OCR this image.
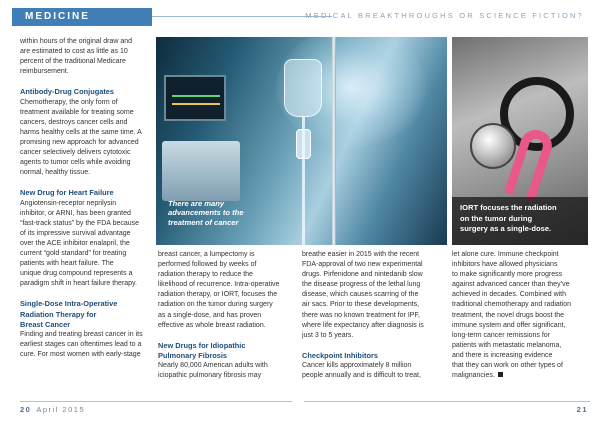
MEDICINE	MEDICAL BREAKTHROUGHS OR SCIENCE FICTION?

within hours of the original draw and

are estimated to cost as little as 10

percent of the traditional Medicare

reimbursement.

Antibody-Drug Conjugates

Chemotherapy, the only form of

treatment available for treating some

cancers, destroys cancer cells and

harms healthy cells at the same time. A

promising new approach for advanced

cancer selectively delivers cytotoxic

agents to tumor cells while avoiding

normal, healthy tissue.

New Drug for Heart Failure

Angiotensin-receptor neprilysin

inhibitor, or ARNI, has been granted

“fast-track status” by the FDA because

of its impressive survival advantage

over the ACE inhibitor enalapril, the

current “gold standard” for treating

patients with heart failure. The

unique drug compound represents a

paradigm shift in heart failure therapy.

Single-Dose Intra-Operative
Radiation Therapy for
Breast Cancer

Finding and treating breast cancer in its

earliest stages can oftentimes lead to a

cure. For most women with early-stage

There are many
advancements to the
treatment of cancer
IORT focuses the radiation
on the tumor during
surgery as a single-dose.

breast cancer, a lumpectomy is

performed followed by weeks of

radiation therapy to reduce the

likelihood of recurrence. Intra-operative

radiation therapy, or IORT, focuses the

radiation on the tumor during surgery

as a single-dose, and has proven

effective as whole breast radiation.

New Drugs for Idiopathic
Pulmonary Fibrosis

Nearly 80,000 American adults with

iciopathic pulmonary fibrosis may

breathe easier in 2015 with the recent

FDA-approval of two new experimental

drugs. Pirfenidone and nintedanib slow

the disease progress of the lethal lung

disease, which causes scarring of the

air sacs. Prior to these developments,

there was no known treatment for IPF,

where life expectancy after diagnosis is

just 3 to 5 years.

Checkpoint Inhibitors

Cancer kills approximately 8 million

people annually and is difficult to treat,

let alone cure. Immune checkpoint

inhibitors have allowed physicians

to make significantly more progress

against advanced cancer than they’ve

achieved in decades. Combined with

traditional chemotherapy and radiation

treatment, the novel drugs boost the

immune system and offer significant,

long-term cancer remissions for

patients with metastatic melanoma,

and there is increasing evidence

that they can work on other types of

malignancies.

20 April 2015	21
